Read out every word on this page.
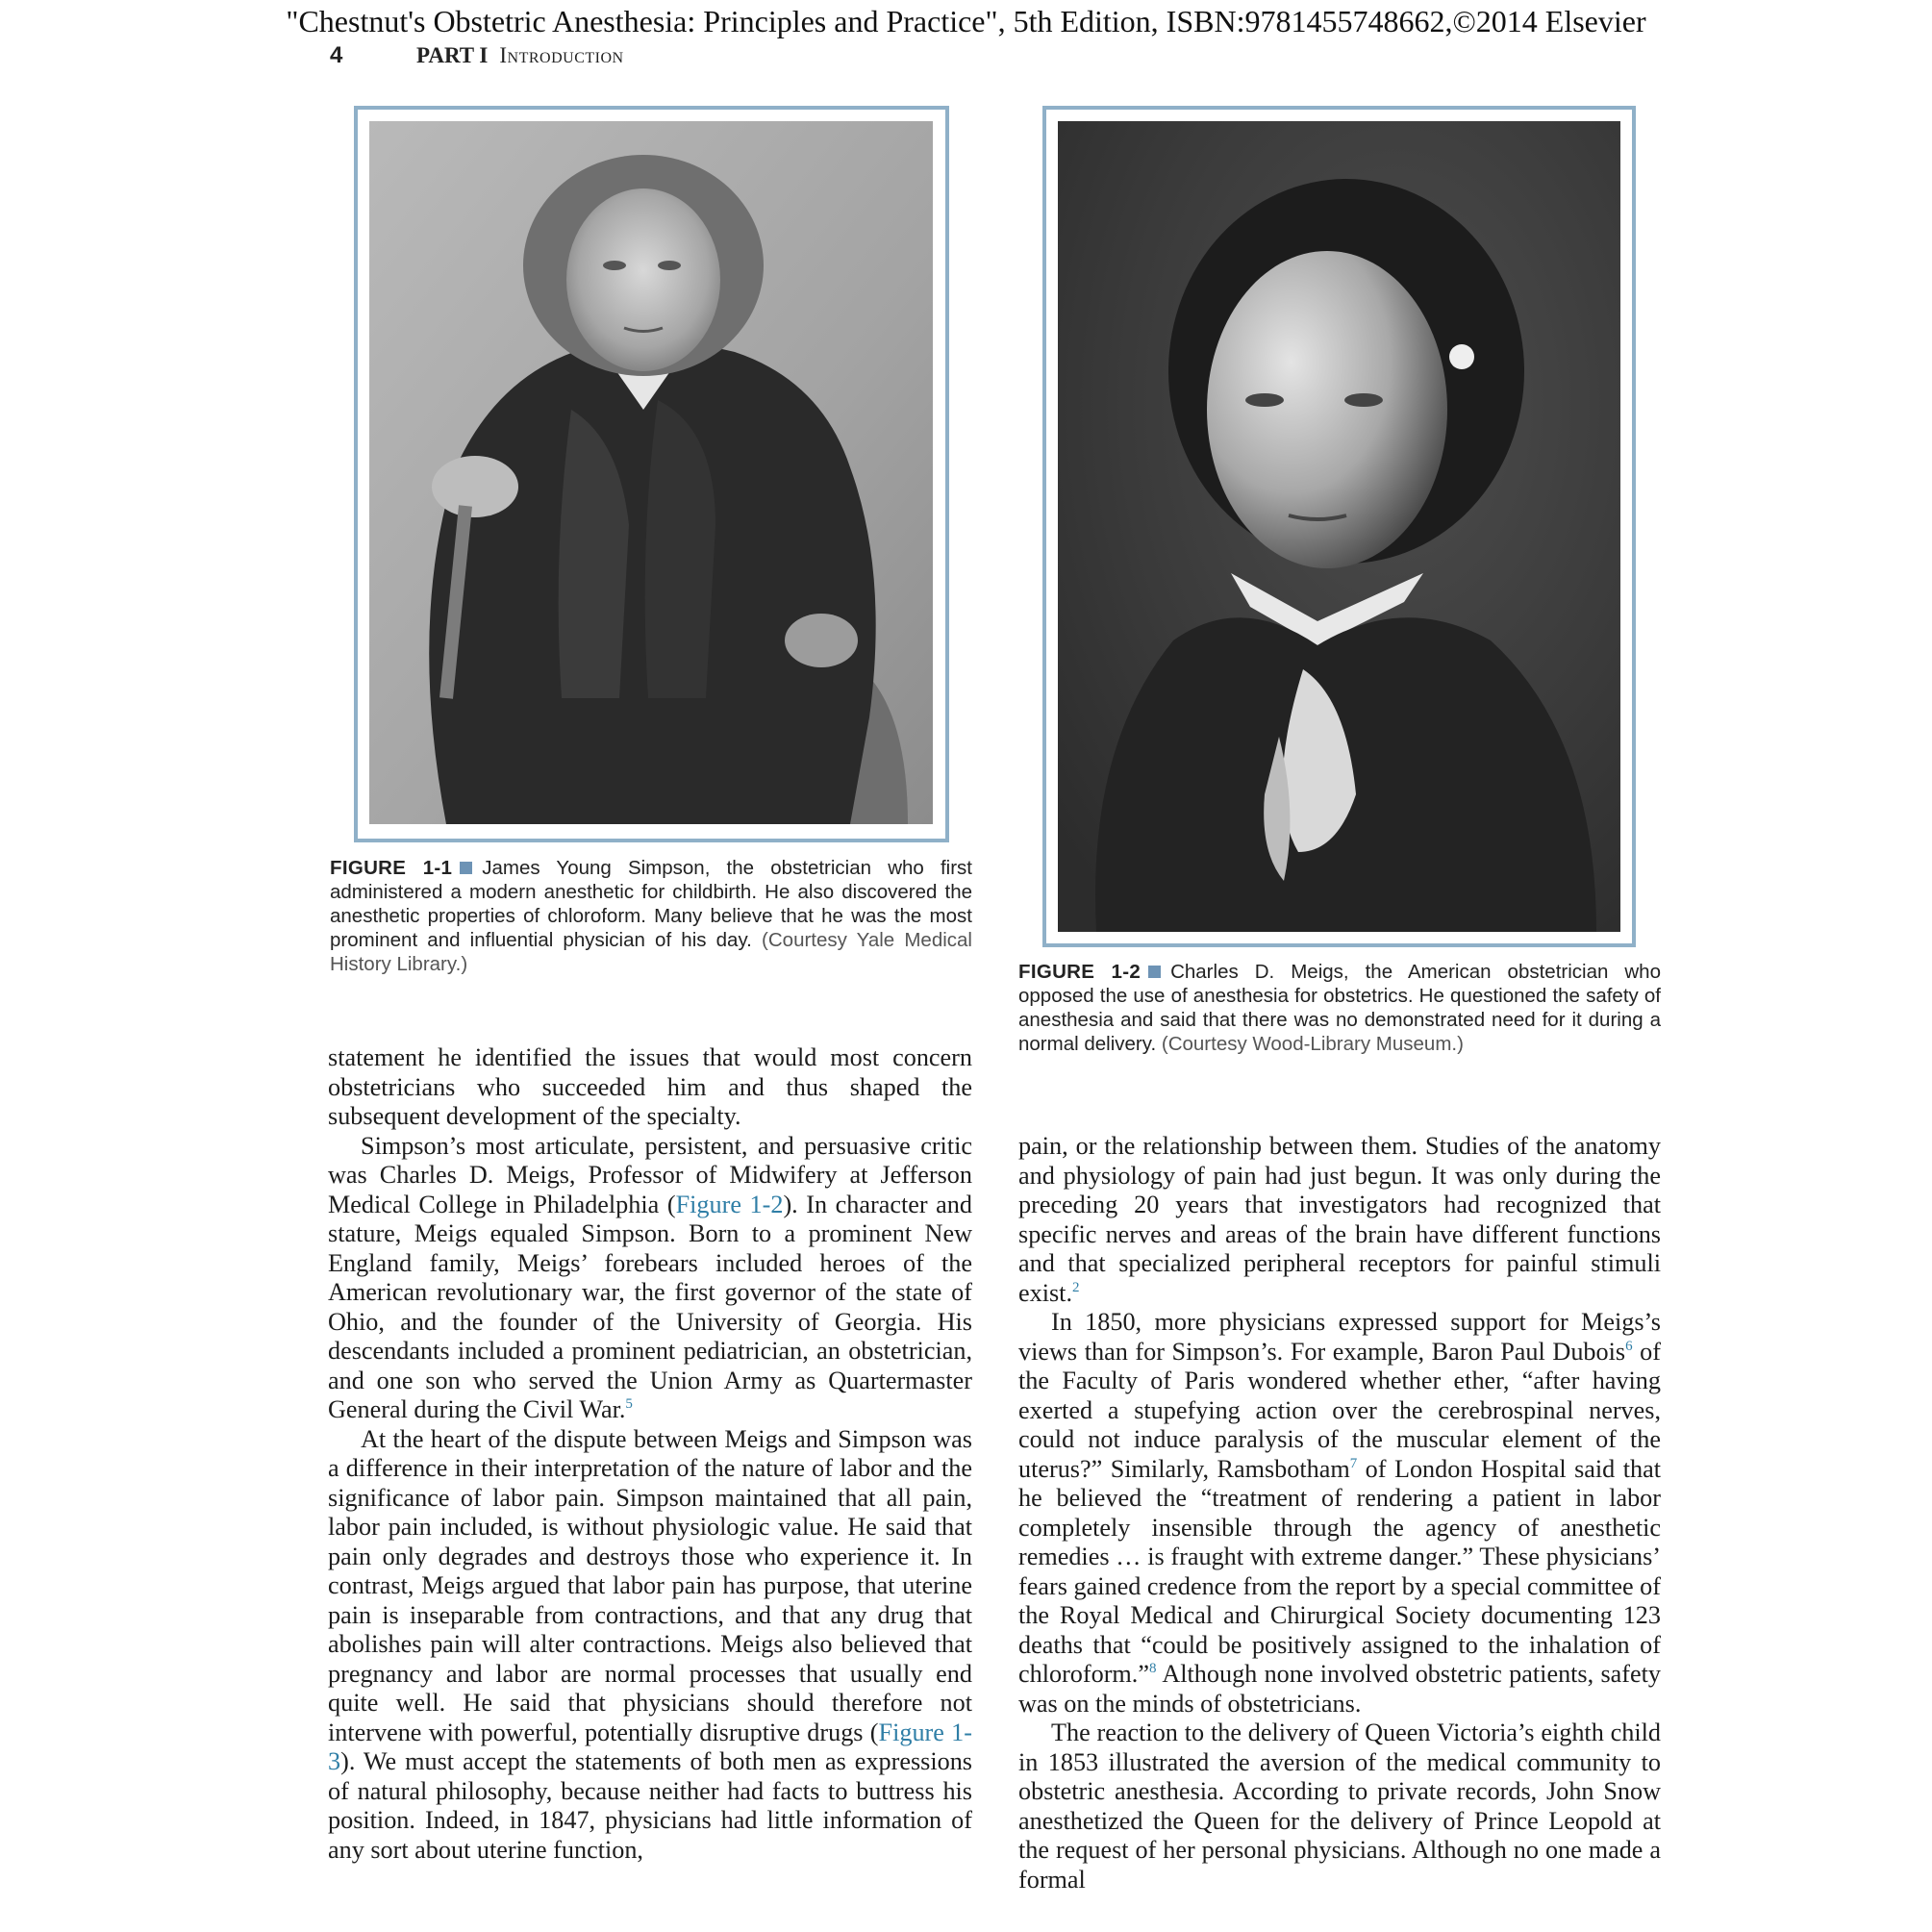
"Chestnut's Obstetric Anesthesia: Principles and Practice", 5th Edition, ISBN:9781455748662,©2014 Elsevier
4	PART I Introduction
FIGURE 1-1 James Young Simpson, the obstetrician who first administered a modern anesthetic for childbirth. He also discovered the anesthetic properties of chloroform. Many believe that he was the most prominent and influential physician of his day. (Courtesy Yale Medical History Library.)	FIGURE 1-2 Charles D. Meigs, the American obstetrician who opposed the use of anesthesia for obstetrics. He questioned the safety of anesthesia and said that there was no demonstrated need for it during a normal delivery. (Courtesy Wood-Library Museum.)

statement he identified the issues that would most concern obstetricians who succeeded him and thus shaped the subsequent development of the specialty.

Simpson’s most articulate, persistent, and persuasive critic was Charles D. Meigs, Professor of Midwifery at Jefferson Medical College in Philadelphia (Figure 1-2). In character and stature, Meigs equaled Simpson. Born to a prominent New England family, Meigs’ forebears included heroes of the American revolutionary war, the first governor of the state of Ohio, and the founder of the University of Georgia. His descendants included a prominent pediatrician, an obstetrician, and one son who served the Union Army as Quartermaster General during the Civil War.$^5$

At the heart of the dispute between Meigs and Simpson was a difference in their interpretation of the nature of labor and the significance of labor pain. Simpson maintained that all pain, labor pain included, is without physiologic value. He said that pain only degrades and destroys those who experience it. In contrast, Meigs argued that labor pain has purpose, that uterine pain is inseparable from contractions, and that any drug that abolishes pain will alter contractions. Meigs also believed that pregnancy and labor are normal processes that usually end quite well. He said that physicians should therefore not intervene with powerful, potentially disruptive drugs (Figure 1-3). We must accept the statements of both men as expressions of natural philosophy, because neither had facts to buttress his position. Indeed, in 1847, physicians had little information of any sort about uterine function,

pain, or the relationship between them. Studies of the anatomy and physiology of pain had just begun. It was only during the preceding 20 years that investigators had recognized that specific nerves and areas of the brain have different functions and that specialized peripheral receptors for painful stimuli exist.$^2$

In 1850, more physicians expressed support for Meigs’s views than for Simpson’s. For example, Baron Paul Dubois$^6$ of the Faculty of Paris wondered whether ether, “after having exerted a stupefying action over the cerebrospinal nerves, could not induce paralysis of the muscular element of the uterus?” Similarly, Ramsbotham$^7$ of London Hospital said that he believed the “treatment of rendering a patient in labor completely insensible through the agency of anesthetic remedies … is fraught with extreme danger.” These physicians’ fears gained credence from the report by a special committee of the Royal Medical and Chirurgical Society documenting 123 deaths that “could be positively assigned to the inhalation of chloroform.”$^8$ Although none involved obstetric patients, safety was on the minds of obstetricians.

The reaction to the delivery of Queen Victoria’s eighth child in 1853 illustrated the aversion of the medical community to obstetric anesthesia. According to private records, John Snow anesthetized the Queen for the delivery of Prince Leopold at the request of her personal physicians. Although no one made a formal
